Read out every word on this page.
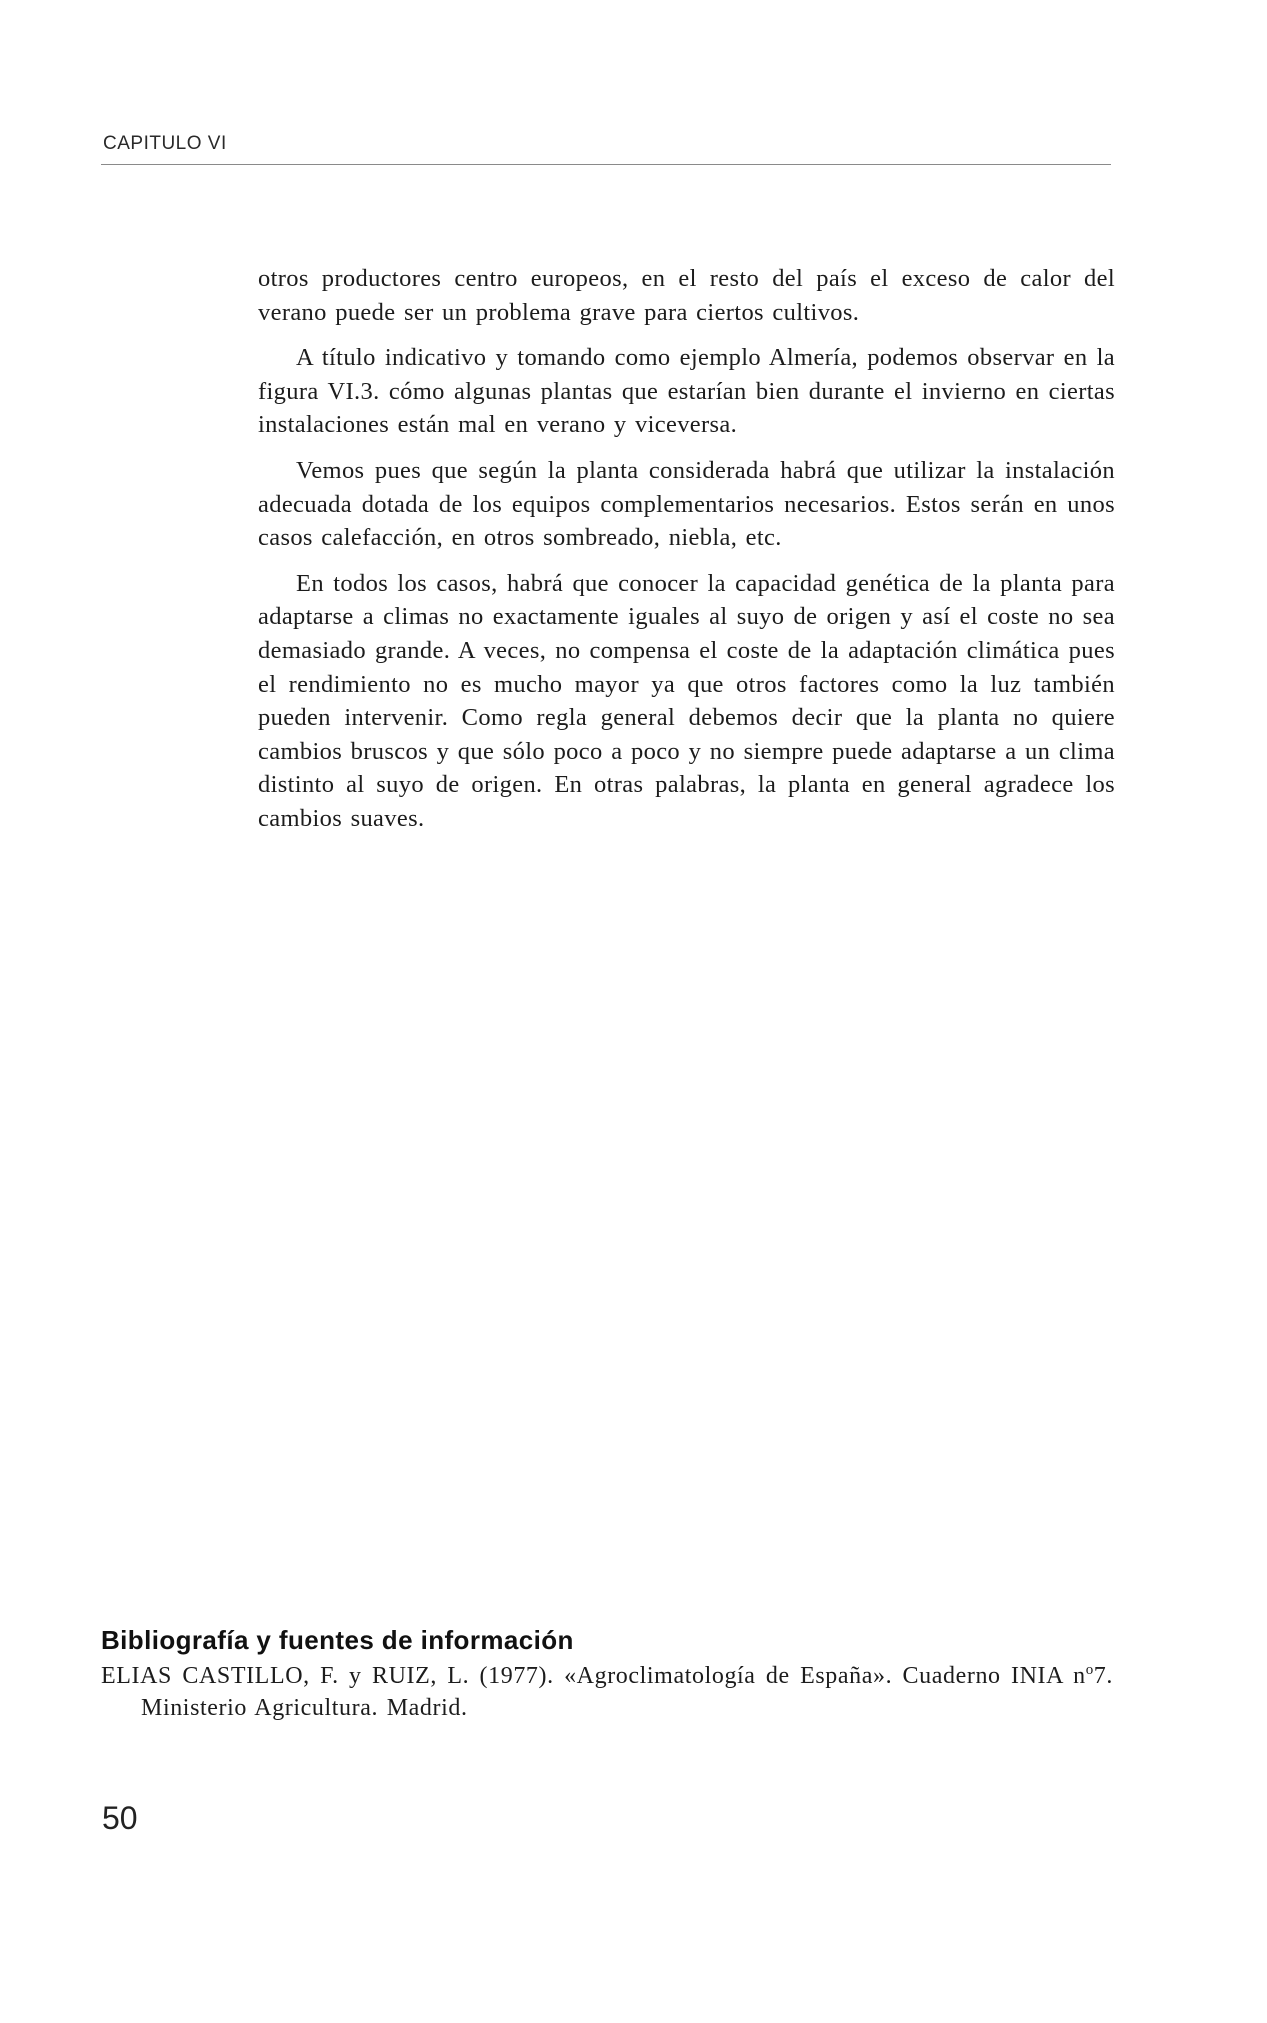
CAPITULO VI

otros productores centro europeos, en el resto del país el exceso de calor del verano puede ser un problema grave para ciertos cultivos.

A título indicativo y tomando como ejemplo Almería, podemos observar en la figura VI.3. cómo algunas plantas que estarían bien durante el invierno en ciertas instalaciones están mal en verano y viceversa.

Vemos pues que según la planta considerada habrá que utilizar la instalación adecuada dotada de los equipos complementarios necesarios. Estos serán en unos casos calefacción, en otros sombreado, niebla, etc.

En todos los casos, habrá que conocer la capacidad genética de la planta para adaptarse a climas no exactamente iguales al suyo de origen y así el coste no sea demasiado grande. A veces, no compensa el coste de la adaptación climática pues el rendimiento no es mucho mayor ya que otros factores como la luz también pueden intervenir. Como regla general debemos decir que la planta no quiere cambios bruscos y que sólo poco a poco y no siempre puede adaptarse a un clima distinto al suyo de origen. En otras palabras, la planta en general agradece los cambios suaves.

Bibliografía y fuentes de información

ELIAS CASTILLO, F. y RUIZ, L. (1977). «Agroclimatología de España». Cuaderno INIA $n^o7$. Ministerio Agricultura. Madrid.

50
